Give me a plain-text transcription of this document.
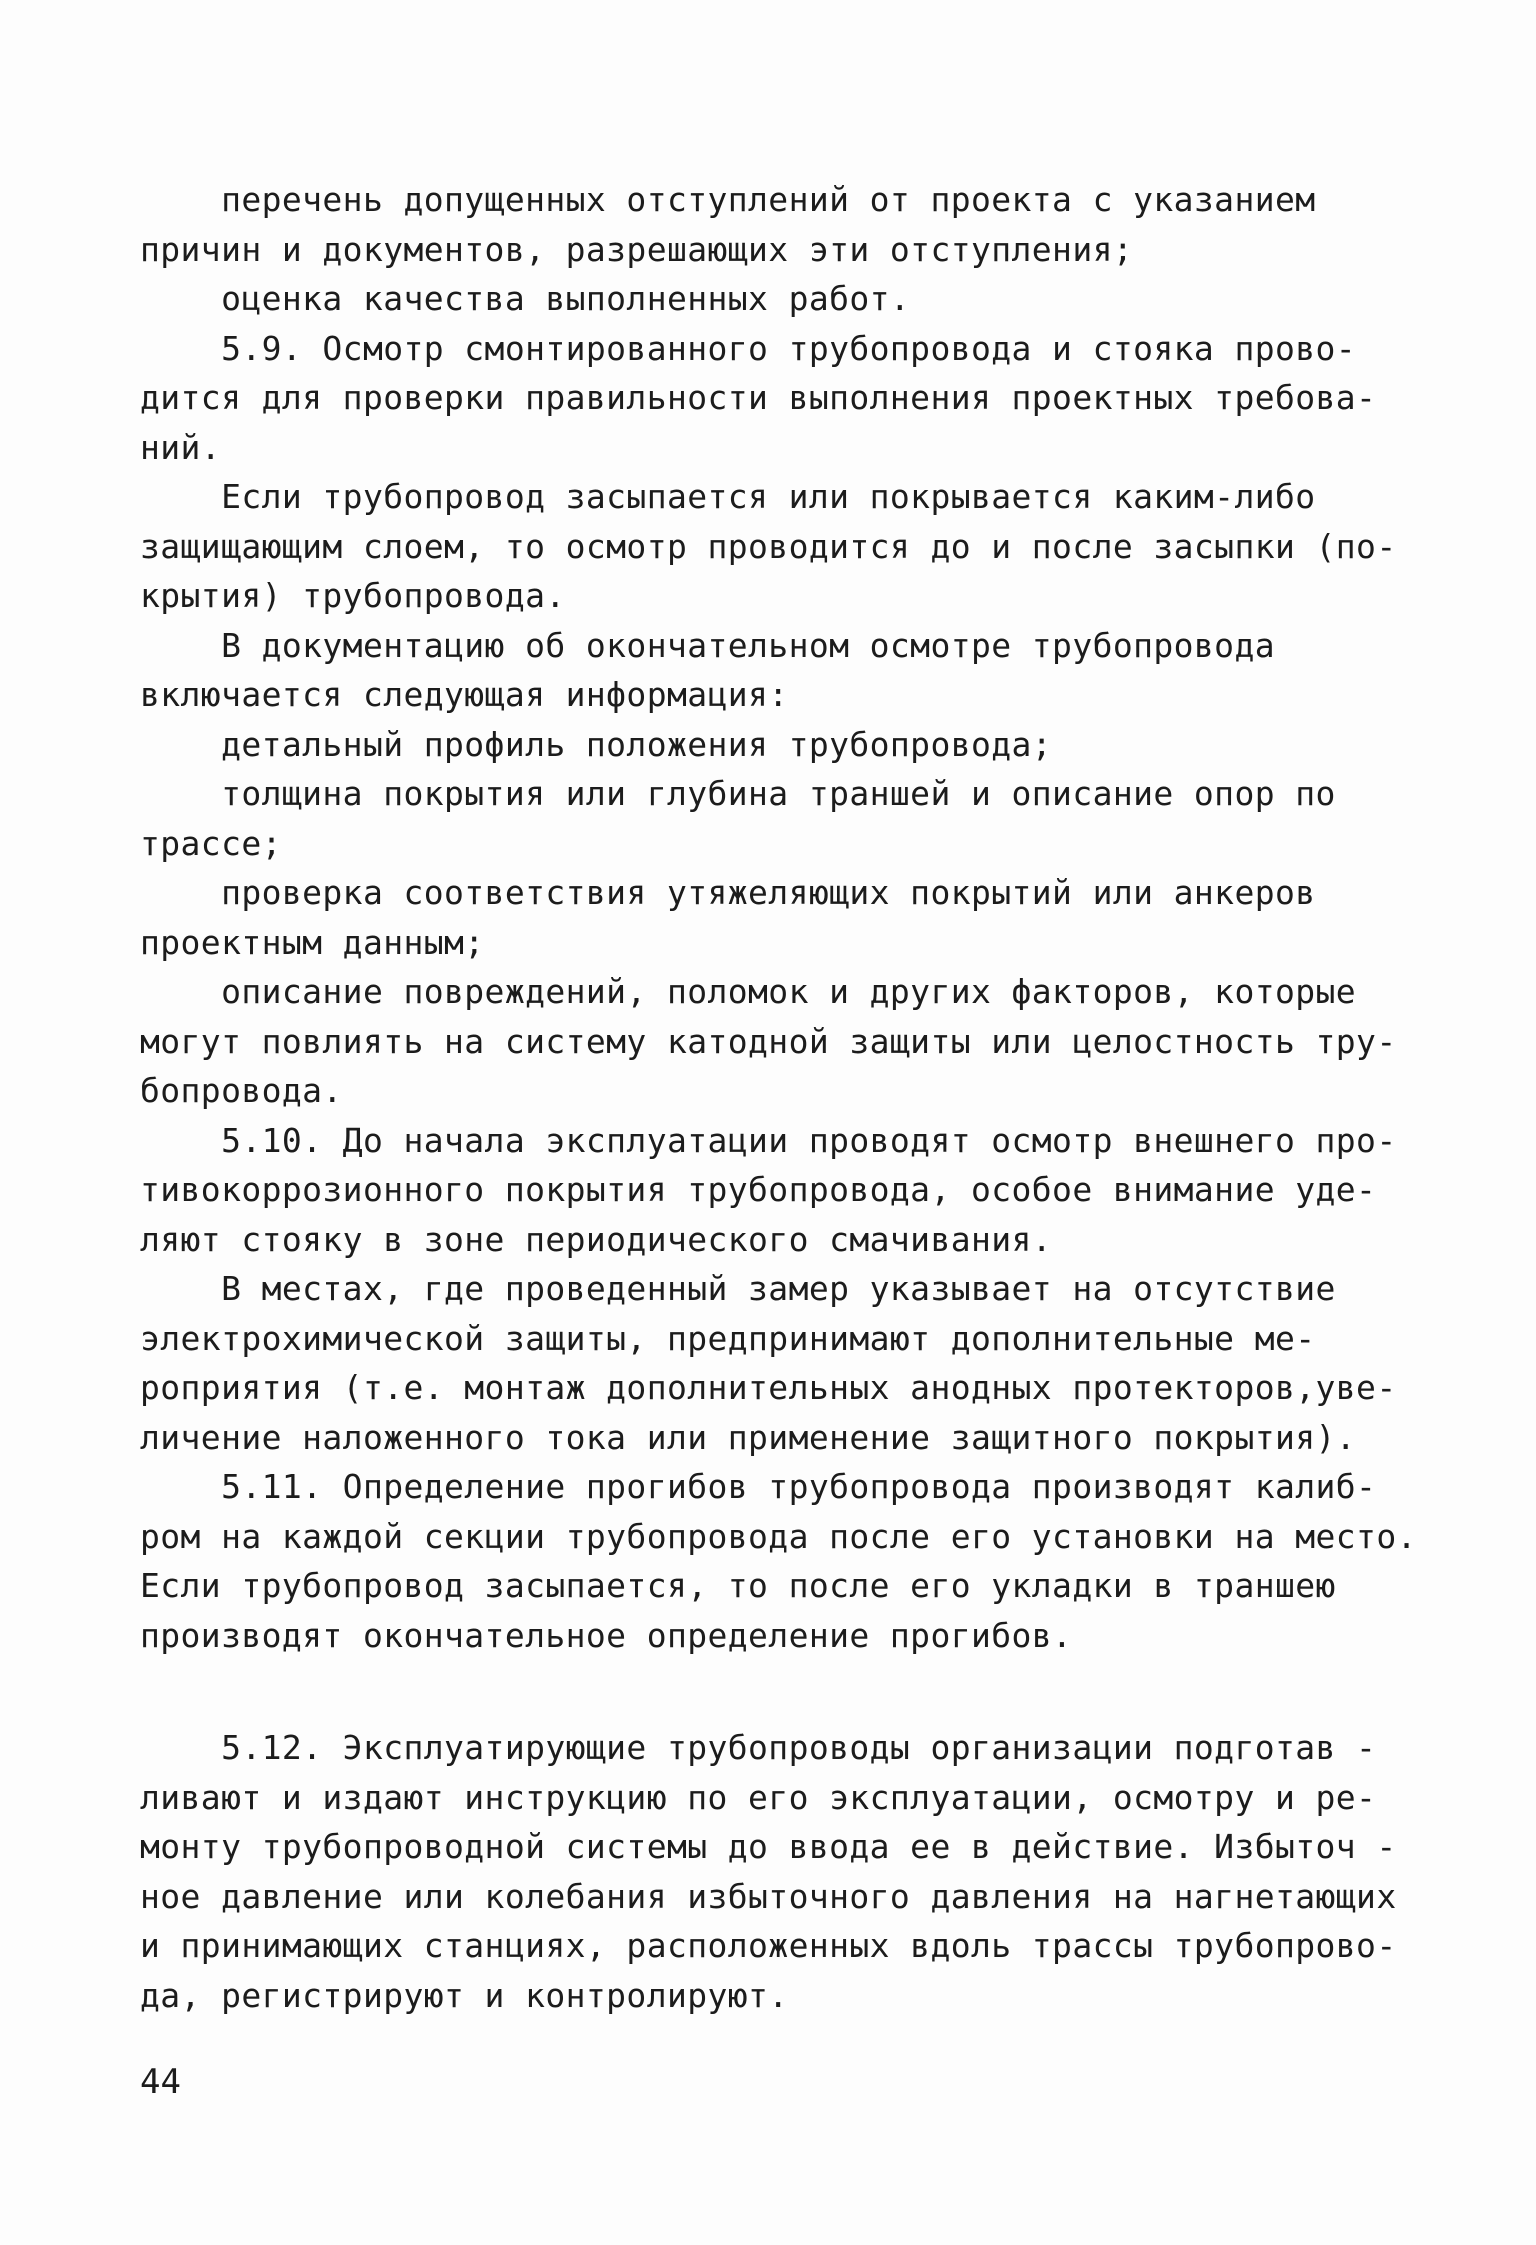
перечень допущенных отступлений от проекта с указанием
причин и документов, разрешающих эти отступления;
оценка качества выполненных работ.
5.9. Осмотр смонтированного трубопровода и стояка прово-
дится для проверки правильности выполнения проектных требова-
ний.
Если трубопровод засыпается или покрывается каким-либо
защищающим слоем, то осмотр проводится до и после засыпки (по-
крытия) трубопровода.
В документацию об окончательном осмотре трубопровода
включается следующая информация:
детальный профиль положения трубопровода;
толщина покрытия или глубина траншей и описание опор по
трассе;
проверка соответствия утяжеляющих покрытий или анкеров
проектным данным;
описание повреждений, поломок и других факторов, которые
могут повлиять на систему катодной защиты или целостность тру-
бопровода.
5.10. До начала эксплуатации проводят осмотр внешнего про-
тивокоррозионного покрытия трубопровода, особое внимание уде-
ляют стояку в зоне периодического смачивания.
В местах, где проведенный замер указывает на отсутствие
электрохимической защиты, предпринимают дополнительные ме-
роприятия (т.е. монтаж дополнительных анодных протекторов,уве-
личение наложенного тока или применение защитного покрытия).
5.11. Определение прогибов трубопровода производят калиб-
ром на каждой секции трубопровода после его установки на место.
Если трубопровод засыпается, то после его укладки в траншею
производят окончательное определение прогибов.
5.12. Эксплуатирующие трубопроводы организации подготав -
ливают и издают инструкцию по его эксплуатации, осмотру и ре-
монту трубопроводной системы до ввода ее в действие. Избыточ -
ное давление или колебания избыточного давления на нагнетающих
и принимающих станциях, расположенных вдоль трассы трубопрово-
да, регистрируют и контролируют.
44
